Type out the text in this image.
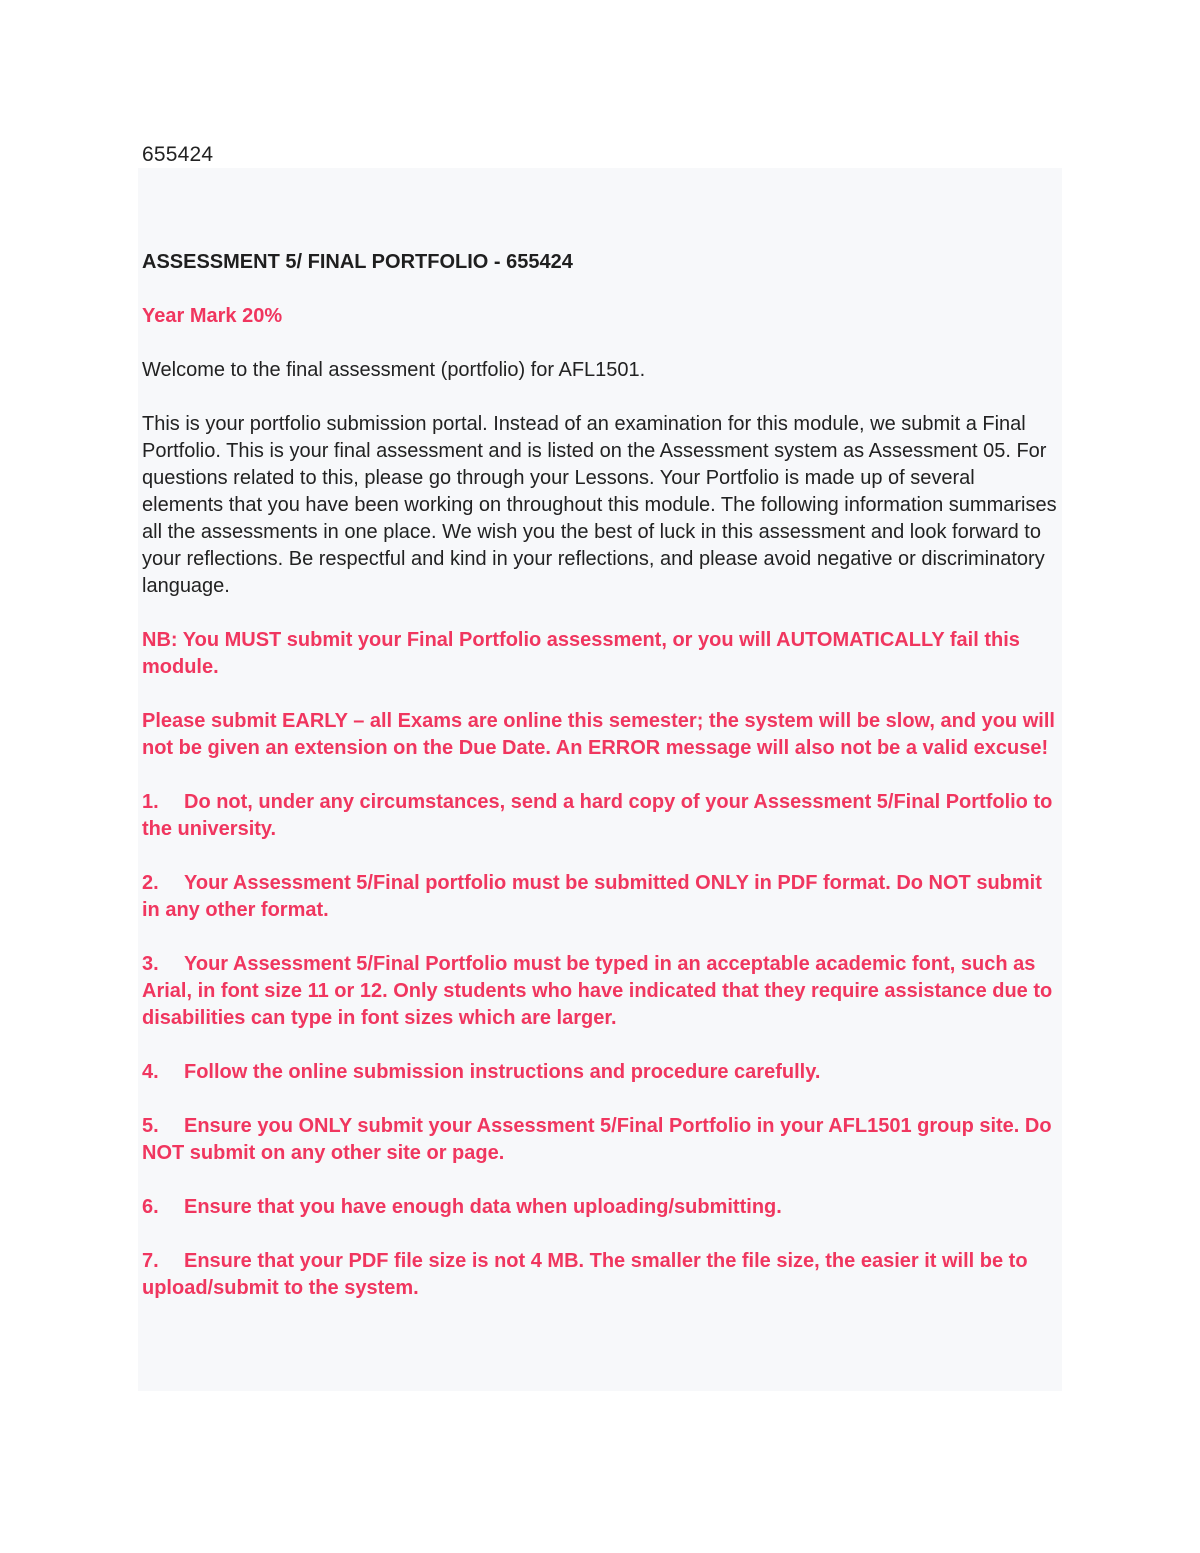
655424

ASSESSMENT 5/ FINAL PORTFOLIO - 655424

Year Mark 20%

Welcome to the final assessment (portfolio) for AFL1501.

This is your portfolio submission portal. Instead of an examination for this module, we submit a Final Portfolio. This is your final assessment and is listed on the Assessment system as Assessment 05. For questions related to this, please go through your Lessons. Your Portfolio is made up of several elements that you have been working on throughout this module. The following information summarises all the assessments in one place. We wish you the best of luck in this assessment and look forward to your reflections. Be respectful and kind in your reflections, and please avoid negative or discriminatory language.

NB: You MUST submit your Final Portfolio assessment, or you will AUTOMATICALLY fail this module.

Please submit EARLY – all Exams are online this semester; the system will be slow, and you will not be given an extension on the Due Date. An ERROR message will also not be a valid excuse!

1. Do not, under any circumstances, send a hard copy of your Assessment 5/Final Portfolio to the university.

2. Your Assessment 5/Final portfolio must be submitted ONLY in PDF format. Do NOT submit in any other format.

3. Your Assessment 5/Final Portfolio must be typed in an acceptable academic font, such as Arial, in font size 11 or 12. Only students who have indicated that they require assistance due to disabilities can type in font sizes which are larger.

4. Follow the online submission instructions and procedure carefully.

5. Ensure you ONLY submit your Assessment 5/Final Portfolio in your AFL1501 group site. Do NOT submit on any other site or page.

6. Ensure that you have enough data when uploading/submitting.

7. Ensure that your PDF file size is not 4 MB. The smaller the file size, the easier it will be to upload/submit to the system.
